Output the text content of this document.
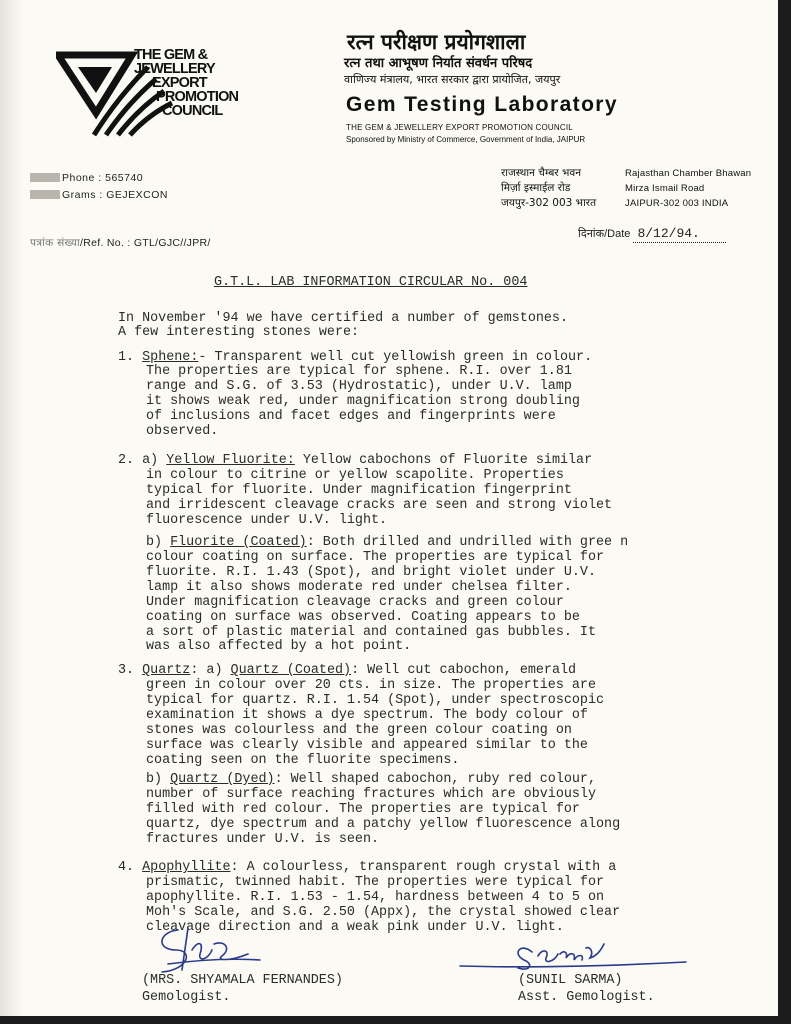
THE GEM &
JEWELLERY
EXPORT
PROMOTION
COUNCIL
रत्न परीक्षण प्रयोगशाला
रत्न तथा आभूषण निर्यात संवर्धन परिषद
वाणिज्य मंत्रालय, भारत सरकार द्वारा प्रायोजित, जयपुर
Gem Testing Laboratory
THE GEM & JEWELLERY EXPORT PROMOTION COUNCIL
Sponsored by Ministry of Commerce, Government of India, JAIPUR
Phone : 565740
Grams : GEJEXCON
राजस्थान चैम्बर भवन
मिर्ज़ा इस्माईल रोड
जयपुर-302 003 भारत
Rajasthan Chamber Bhawan
Mirza Ismail Road
JAIPUR-302 003 INDIA
पत्रांक संख्या/Ref. No. : GTL/GJC//JPR/
दिनांक/Date 8/12/94.
G.T.L. LAB INFORMATION CIRCULAR No. 004
In November '94 we have certified a number of gemstones.
A few interesting stones were:
1. Sphene:- Transparent well cut yellowish green in colour.
The properties are typical for sphene. R.I. over 1.81
range and S.G. of 3.53 (Hydrostatic), under U.V. lamp
it shows weak red, under magnification strong doubling
of inclusions and facet edges and fingerprints were
observed.
2. a) Yellow Fluorite: Yellow cabochons of Fluorite similar
in colour to citrine or yellow scapolite. Properties
typical for fluorite. Under magnification fingerprint
and irridescent cleavage cracks are seen and strong violet
fluorescence under U.V. light.
b) Fluorite (Coated): Both drilled and undrilled with gree n
colour coating on surface. The properties are typical for
fluorite. R.I. 1.43 (Spot), and bright violet under U.V.
lamp it also shows moderate red under chelsea filter.
Under magnification cleavage cracks and green colour
coating on surface was observed. Coating appears to be
a sort of plastic material and contained gas bubbles. It
was also affected by a hot point.
3. Quartz: a) Quartz (Coated): Well cut cabochon, emerald
green in colour over 20 cts. in size. The properties are
typical for quartz. R.I. 1.54 (Spot), under spectroscopic
examination it shows a dye spectrum. The body colour of
stones was colourless and the green colour coating on
surface was clearly visible and appeared similar to the
coating seen on the fluorite specimens.
b) Quartz (Dyed): Well shaped cabochon, ruby red colour,
number of surface reaching fractures which are obviously
filled with red colour. The properties are typical for
quartz, dye spectrum and a patchy yellow fluorescence along
fractures under U.V. is seen.
4. Apophyllite: A colourless, transparent rough crystal with a
prismatic, twinned habit. The properties were typical for
apophyllite. R.I. 1.53 - 1.54, hardness between 4 to 5 on
Moh's Scale, and S.G. 2.50 (Appx), the crystal showed clear
cleavage direction and a weak pink under U.V. light.
(MRS. SHYAMALA FERNANDES)
Gemologist.
(SUNIL SARMA)
Asst. Gemologist.
